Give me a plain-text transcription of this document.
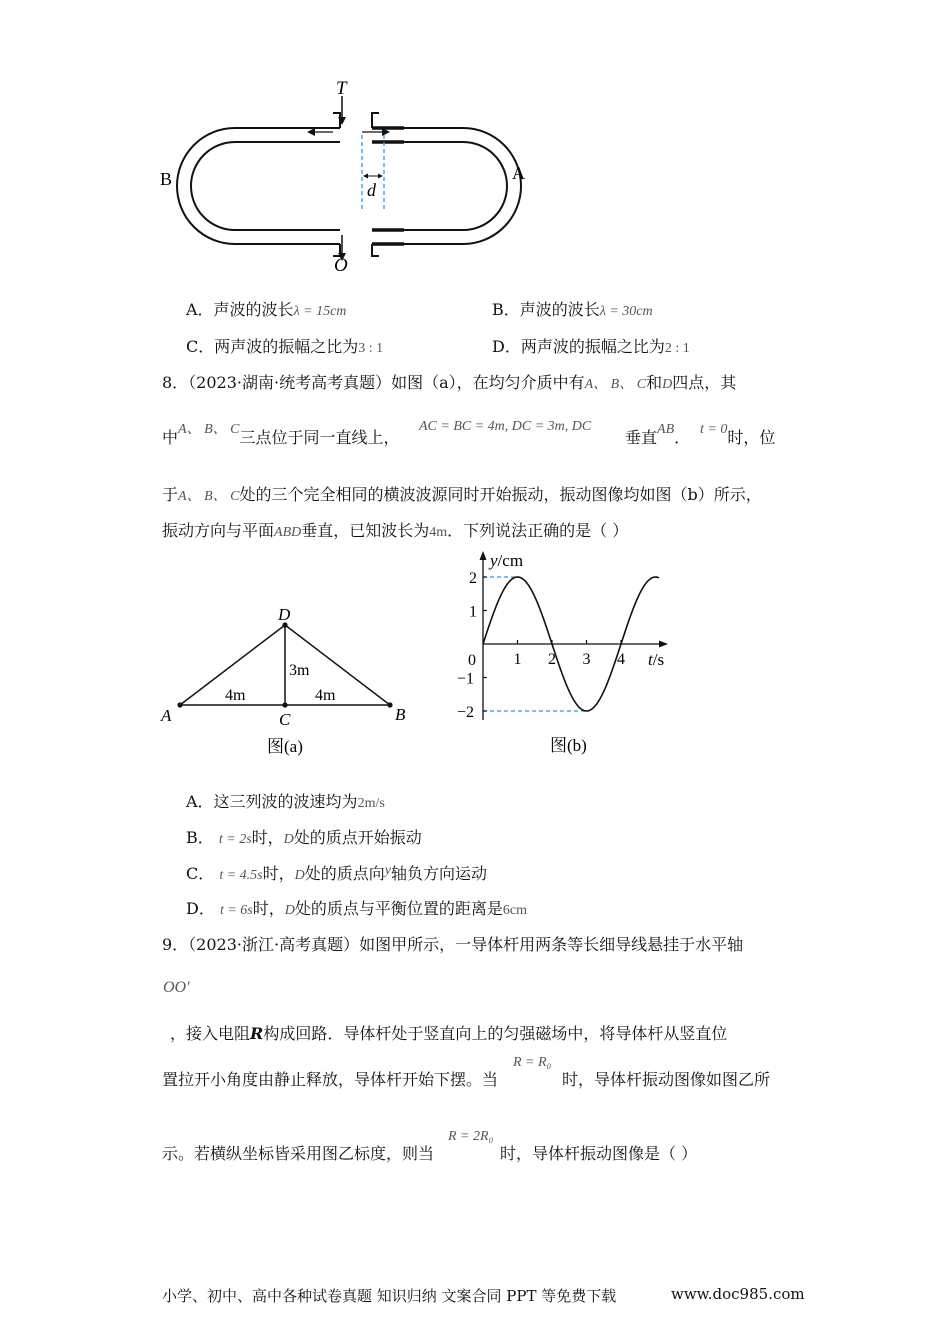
T
O
A
B
d
A．声波的波长λ = 15cm	B．声波的波长λ = 30cm
C．两声波的振幅之比为3 : 1	D．两声波的振幅之比为2 : 1
8．（2023·湖南·统考高考真题）如图（a），在均匀介质中有A、 B、 C和D四点，其
中A、 B、 C三点位于同一直线上，
AC = BC = 4m, DC = 3m, DC
垂直AB． t = 0时，位
于A、 B、 C处的三个完全相同的横波波源同时开始振动，振动图像均如图（b）所示，
振动方向与平面ABD垂直，已知波长为4m．下列说法正确的是（ ）
D
A	B
C
4m	4m
3m
图(a)
y/cm
t/s
0
图(b)
1 2 3 4
2
1
−1
−2
A．这三列波的波速均为2m/s
B． t = 2s时，D处的质点开始振动
C． t = 4.5s时，D处的质点向y轴负方向运动
D． t = 6s时，D处的质点与平衡位置的距离是6cm
9．（2023·浙江·高考真题）如图甲所示，一导体杆用两条等长细导线悬挂于水平轴
OO′
，接入电阻R构成回路．导体杆处于竖直向上的匀强磁场中，将导体杆从竖直位
置拉开小角度由静止释放，导体杆开始下摆。当
R = R₀
时，导体杆振动图像如图乙所
示。若横纵坐标皆采用图乙标度，则当
R = 2R₀
时，导体杆振动图像是（ ）
小学、初中、高中各种试卷真题 知识归纳 文案合同 PPT 等免费下载	www.doc985.com
